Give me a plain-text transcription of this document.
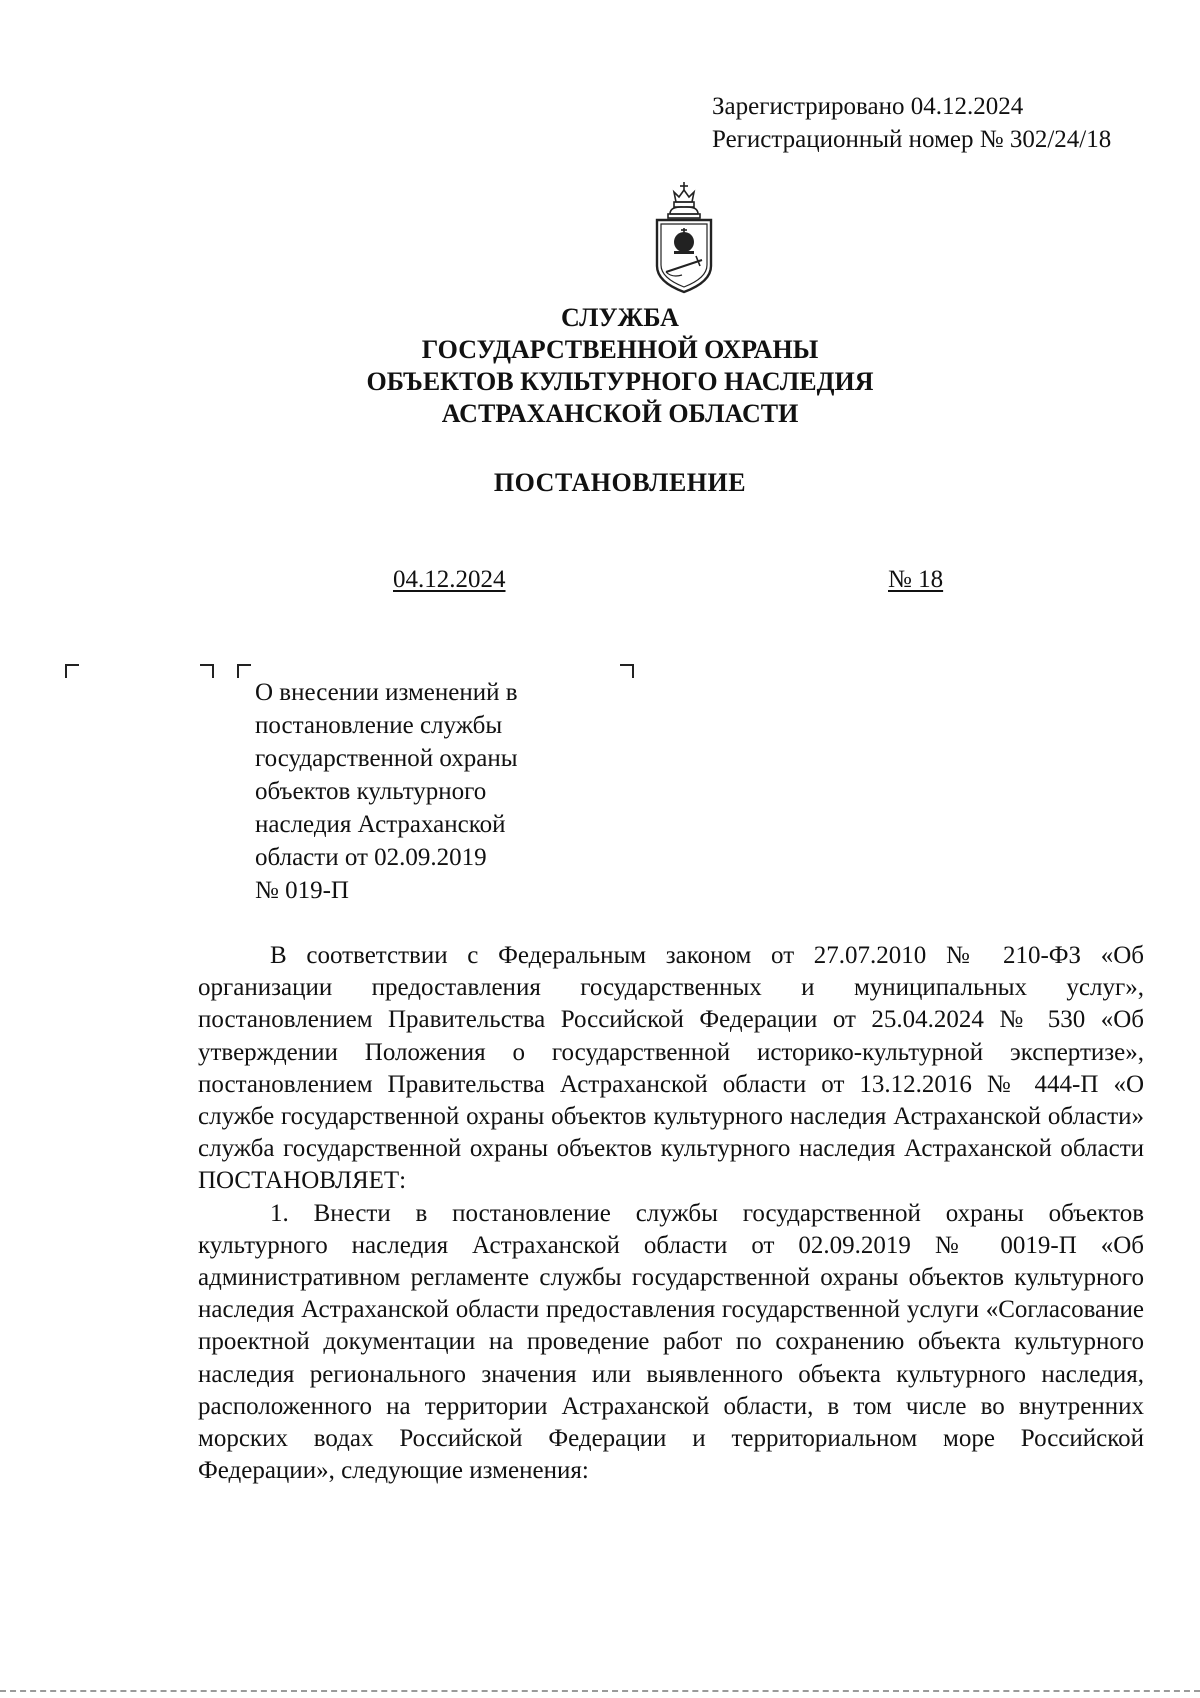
Зарегистрировано 04.12.2024
Регистрационный номер № 302/24/18
СЛУЖБА
ГОСУДАРСТВЕННОЙ ОХРАНЫ
ОБЪЕКТОВ КУЛЬТУРНОГО НАСЛЕДИЯ
АСТРАХАНСКОЙ ОБЛАСТИ
ПОСТАНОВЛЕНИЕ
04.12.2024	№ 18
О внесении изменений в
постановление службы
государственной охраны
объектов культурного
наследия Астраханской
области от 02.09.2019
№ 019-П

В соответствии с Федеральным законом от 27.07.2010 № 210-ФЗ «Об организации предоставления государственных и муниципальных услуг», постановлением Правительства Российской Федерации от 25.04.2024 № 530 «Об утверждении Положения о государственной историко-культурной экспертизе», постановлением Правительства Астраханской области от 13.12.2016 № 444-П «О службе государственной охраны объектов культурного наследия Астраханской области» служба государственной охраны объектов культурного наследия Астраханской области ПОСТАНОВЛЯЕТ:

1. Внести в постановление службы государственной охраны объектов культурного наследия Астраханской области от 02.09.2019 № 0019-П «Об административном регламенте службы государственной охраны объектов культурного наследия Астраханской области предоставления государственной услуги «Согласование проектной документации на проведение работ по сохранению объекта культурного наследия регионального значения или выявленного объекта культурного наследия, расположенного на территории Астраханской области, в том числе во внутренних морских водах Российской Федерации и территориальном море Российской Федерации», следующие изменения:
